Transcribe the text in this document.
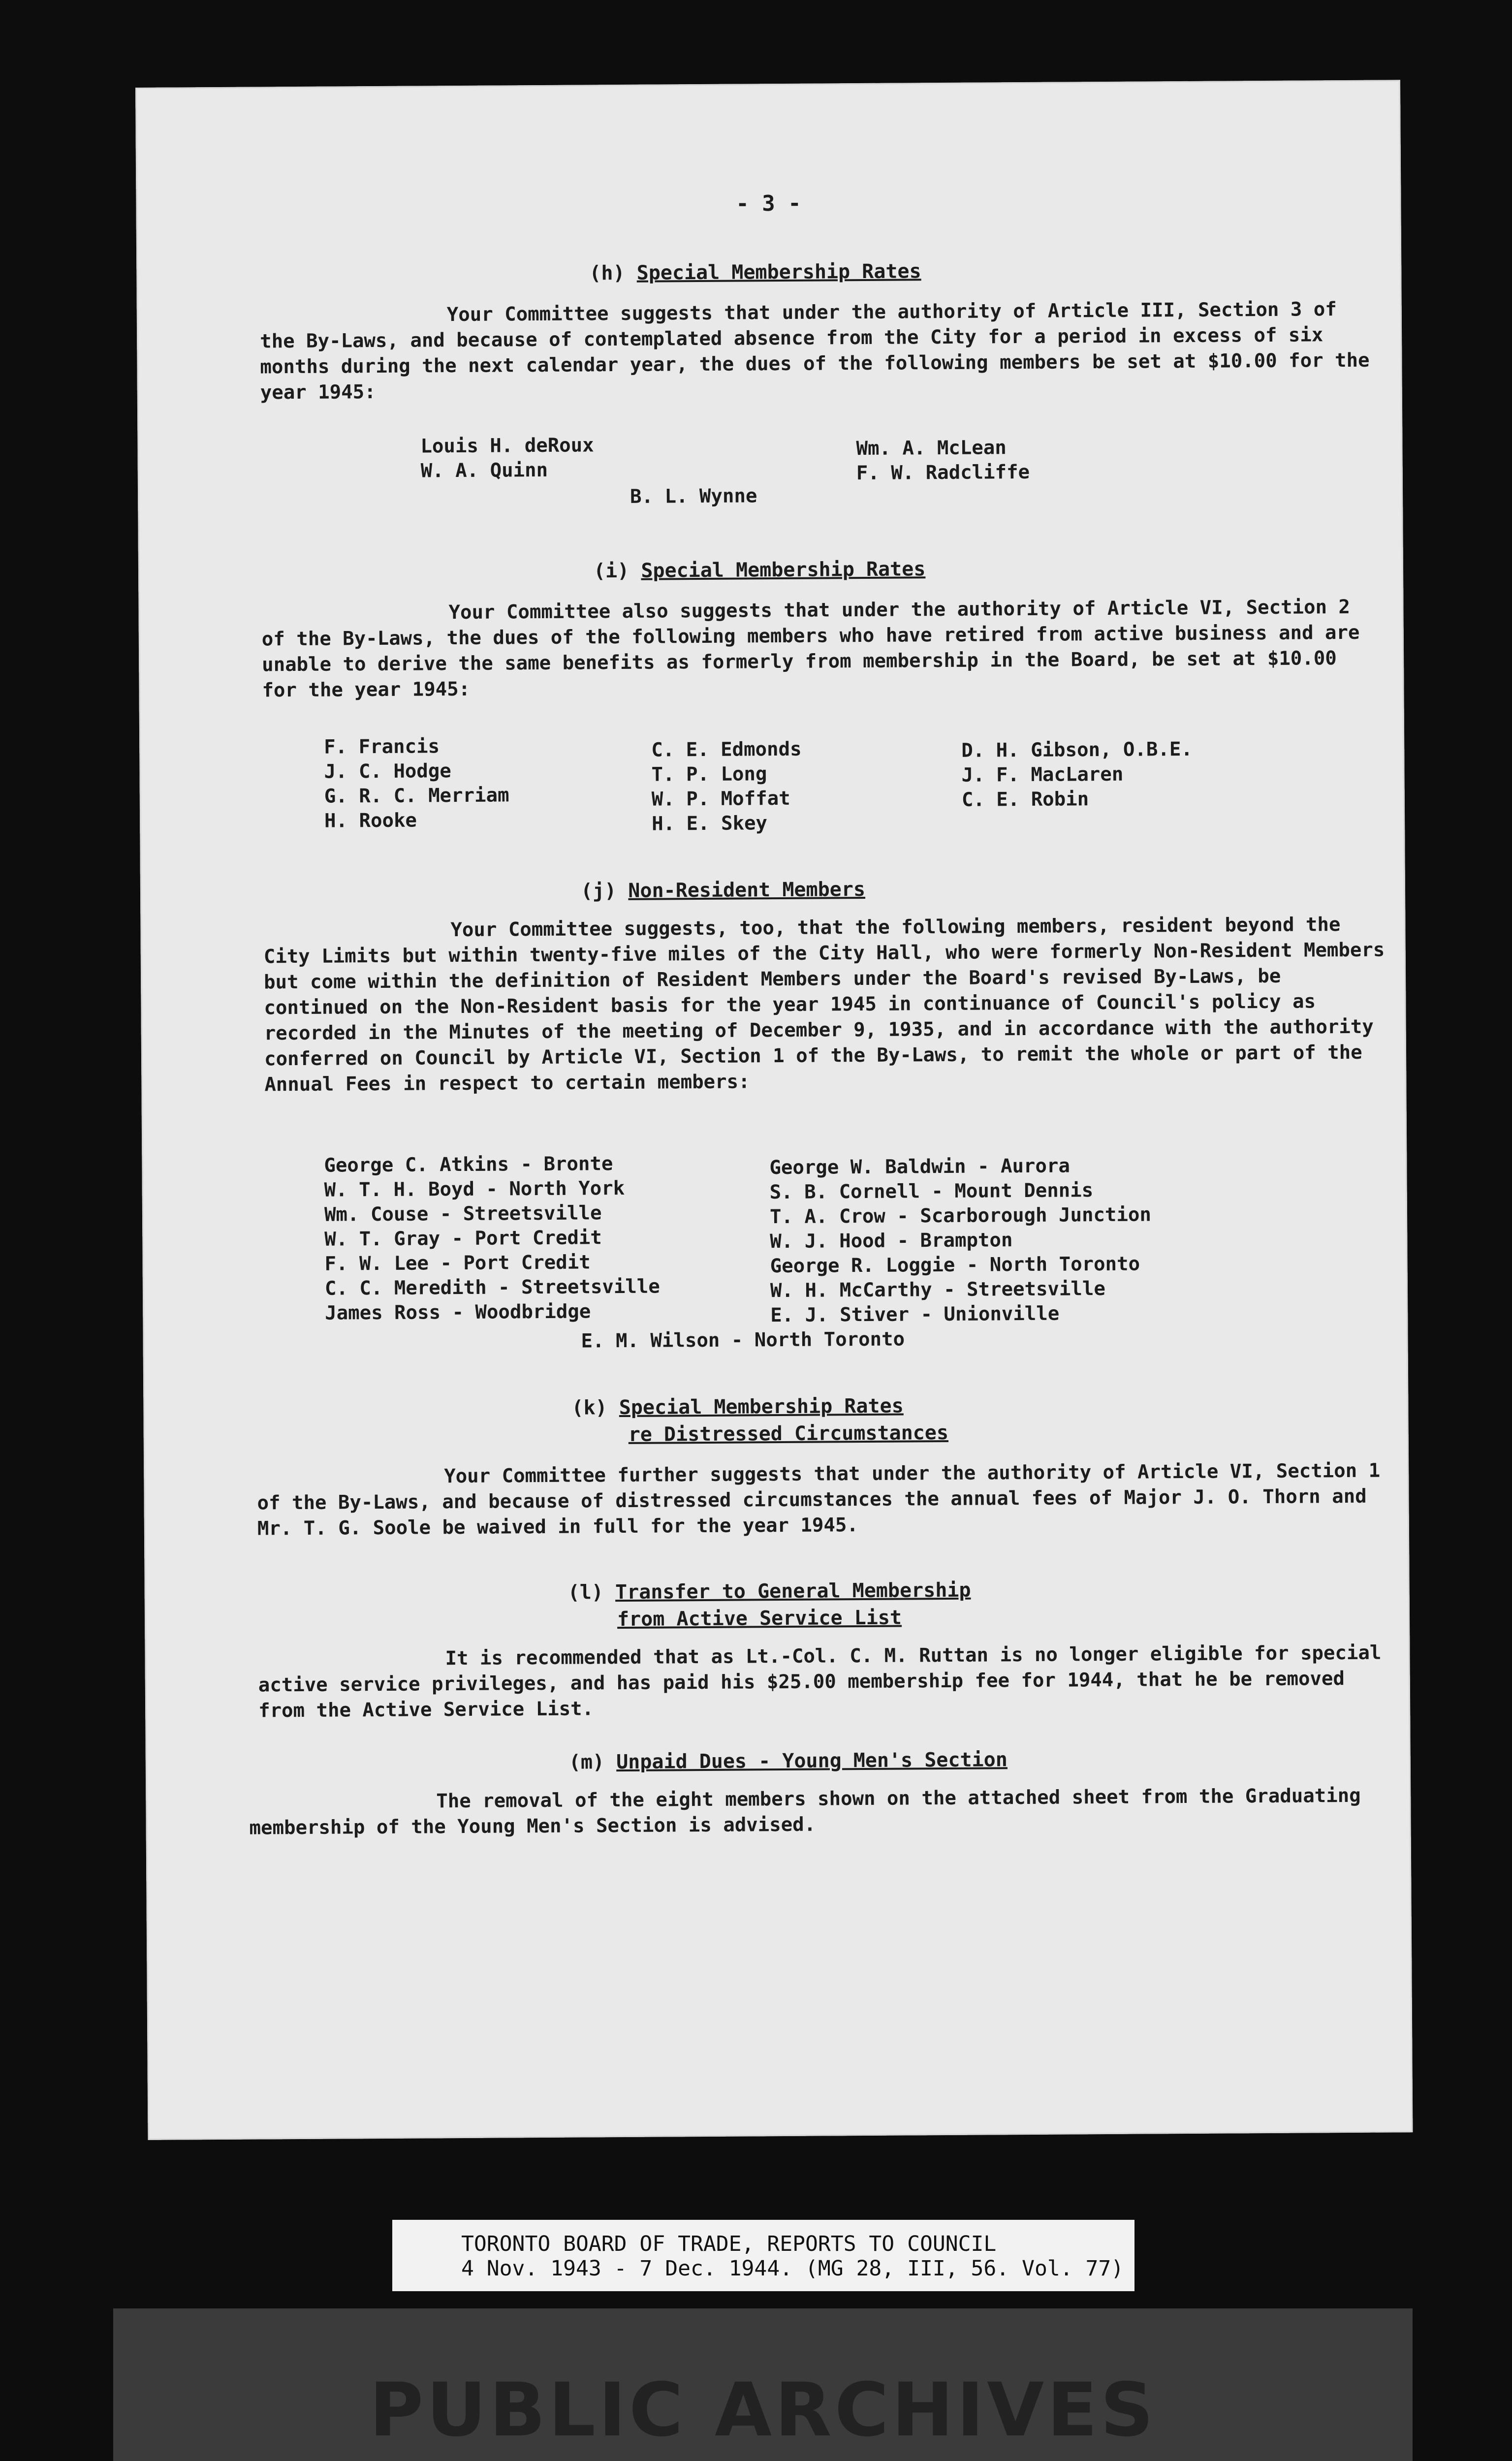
- 3 -
(h) Special Membership Rates
Your Committee suggests that under the authority of Article III, Section 3 of the By-Laws, and because of contemplated absence from the City for a period in excess of six months during the next calendar year, the dues of the following members be set at $10.00 for the year 1945:
Louis H. deRoux
W. A. Quinn
B. L. Wynne
Wm. A. McLean
F. W. Radcliffe
(i) Special Membership Rates
Your Committee also suggests that under the authority of Article VI, Section 2 of the By-Laws, the dues of the following members who have retired from active business and are unable to derive the same benefits as formerly from membership in the Board, be set at $10.00 for the year 1945:
F. Francis
J. C. Hodge
G. R. C. Merriam
H. Rooke
C. E. Edmonds
T. P. Long
W. P. Moffat
H. E. Skey
D. H. Gibson, O.B.E.
J. F. MacLaren
C. E. Robin
(j) Non-Resident Members
Your Committee suggests, too, that the following members, resident beyond the City Limits but within twenty-five miles of the City Hall, who were formerly Non-Resident Members but come within the definition of Resident Members under the Board's revised By-Laws, be continued on the Non-Resident basis for the year 1945 in continuance of Council's policy as recorded in the Minutes of the meeting of December 9, 1935, and in accordance with the authority conferred on Council by Article VI, Section 1 of the By-Laws, to remit the whole or part of the Annual Fees in respect to certain members:
George C. Atkins - Bronte
W. T. H. Boyd - North York
Wm. Couse - Streetsville
W. T. Gray - Port Credit
F. W. Lee - Port Credit
C. C. Meredith - Streetsville
James Ross - Woodbridge
George W. Baldwin - Aurora
S. B. Cornell - Mount Dennis
T. A. Crow - Scarborough Junction
W. J. Hood - Brampton
George R. Loggie - North Toronto
W. H. McCarthy - Streetsville
E. J. Stiver - Unionville
E. M. Wilson - North Toronto
(k) Special Membership Rates
re Distressed Circumstances
Your Committee further suggests that under the authority of Article VI, Section 1 of the By-Laws, and because of distressed circumstances the annual fees of Major J. O. Thorn and Mr. T. G. Soole be waived in full for the year 1945.
(l) Transfer to General Membership
from Active Service List
It is recommended that as Lt.-Col. C. M. Ruttan is no longer eligible for special active service privileges, and has paid his $25.00 membership fee for 1944, that he be removed from the Active Service List.
(m) Unpaid Dues - Young Men's Section
The removal of the eight members shown on the attached sheet from the Graduating membership of the Young Men's Section is advised.
TORONTO BOARD OF TRADE, REPORTS TO COUNCIL
4 Nov. 1943 - 7 Dec. 1944. (MG 28, III, 56. Vol. 77)
PUBLIC ARCHIVES
